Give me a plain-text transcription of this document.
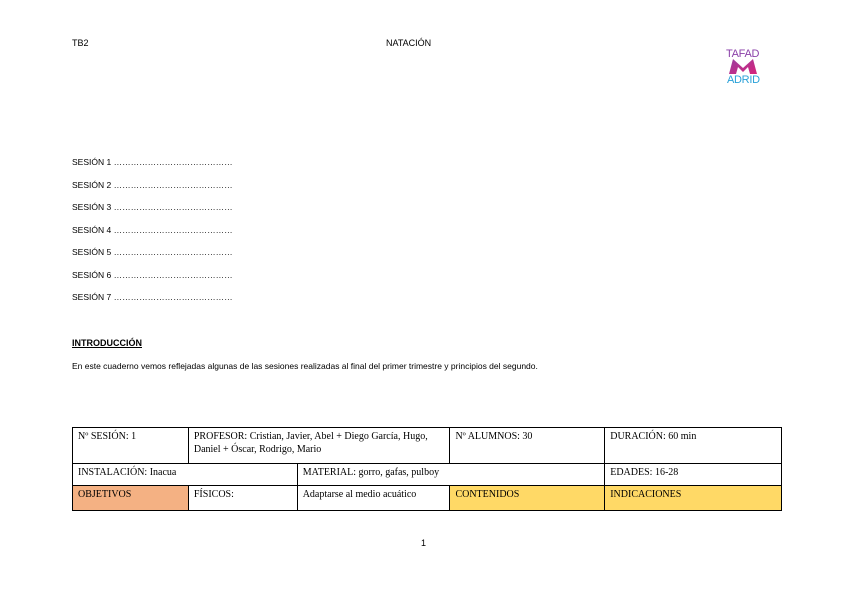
TB2	NATACIÓN
TAFAD
ADRID
SESIÓN 1 ……………………………………
SESIÓN 2 ……………………………………
SESIÓN 3 ……………………………………
SESIÓN 4 ……………………………………
SESIÓN 5 ……………………………………
SESIÓN 6 ……………………………………
SESIÓN 7 ……………………………………
INTRODUCCIÓN
En este cuaderno vemos reflejadas algunas de las sesiones realizadas al final del primer trimestre y principios del segundo.
Nº SESIÓN: 1	PROFESOR: Cristian, Javier, Abel + Diego García, Hugo, Daniel + Óscar, Rodrigo, Mario		Nº ALUMNOS: 30	DURACIÓN: 60 min
INSTALACIÓN: Inacua		MATERIAL: gorro, gafas, pulboy		EDADES: 16-28
OBJETIVOS	FÍSICOS:	Adaptarse al medio acuático	CONTENIDOS	INDICACIONES
1
